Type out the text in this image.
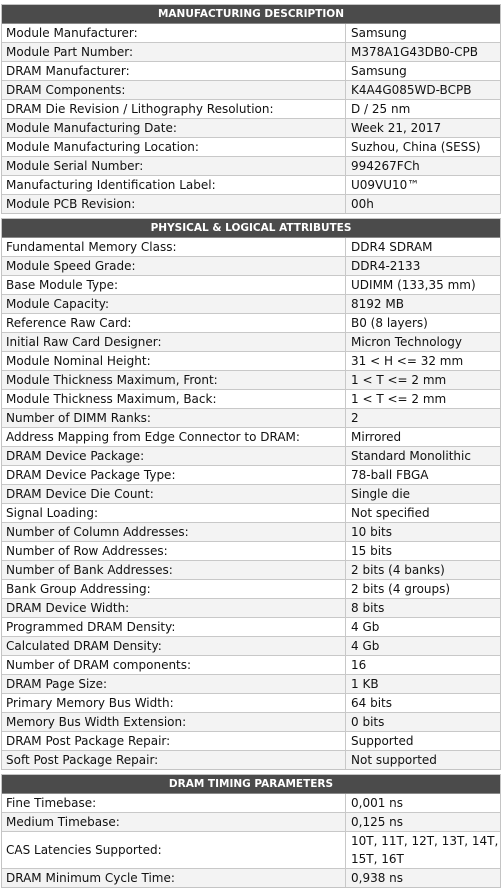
MANUFACTURING DESCRIPTION
Module Manufacturer:	Samsung
Module Part Number:	M378A1G43DB0-CPB
DRAM Manufacturer:	Samsung
DRAM Components:	K4A4G085WD-BCPB
DRAM Die Revision / Lithography Resolution:	D / 25 nm
Module Manufacturing Date:	Week 21, 2017
Module Manufacturing Location:	Suzhou, China (SESS)
Module Serial Number:	994267FCh
Manufacturing Identification Label:	U09VU10™
Module PCB Revision:	00h
PHYSICAL & LOGICAL ATTRIBUTES
Fundamental Memory Class:	DDR4 SDRAM
Module Speed Grade:	DDR4-2133
Base Module Type:	UDIMM (133,35 mm)
Module Capacity:	8192 MB
Reference Raw Card:	B0 (8 layers)
Initial Raw Card Designer:	Micron Technology
Module Nominal Height:	31 < H <= 32 mm
Module Thickness Maximum, Front:	1 < T <= 2 mm
Module Thickness Maximum, Back:	1 < T <= 2 mm
Number of DIMM Ranks:	2
Address Mapping from Edge Connector to DRAM:	Mirrored
DRAM Device Package:	Standard Monolithic
DRAM Device Package Type:	78-ball FBGA
DRAM Device Die Count:	Single die
Signal Loading:	Not specified
Number of Column Addresses:	10 bits
Number of Row Addresses:	15 bits
Number of Bank Addresses:	2 bits (4 banks)
Bank Group Addressing:	2 bits (4 groups)
DRAM Device Width:	8 bits
Programmed DRAM Density:	4 Gb
Calculated DRAM Density:	4 Gb
Number of DRAM components:	16
DRAM Page Size:	1 KB
Primary Memory Bus Width:	64 bits
Memory Bus Width Extension:	0 bits
DRAM Post Package Repair:	Supported
Soft Post Package Repair:	Not supported
DRAM TIMING PARAMETERS
Fine Timebase:	0,001 ns
Medium Timebase:	0,125 ns
CAS Latencies Supported:
10T, 11T, 12T, 13T, 14T, 15T, 16T
DRAM Minimum Cycle Time:	0,938 ns
